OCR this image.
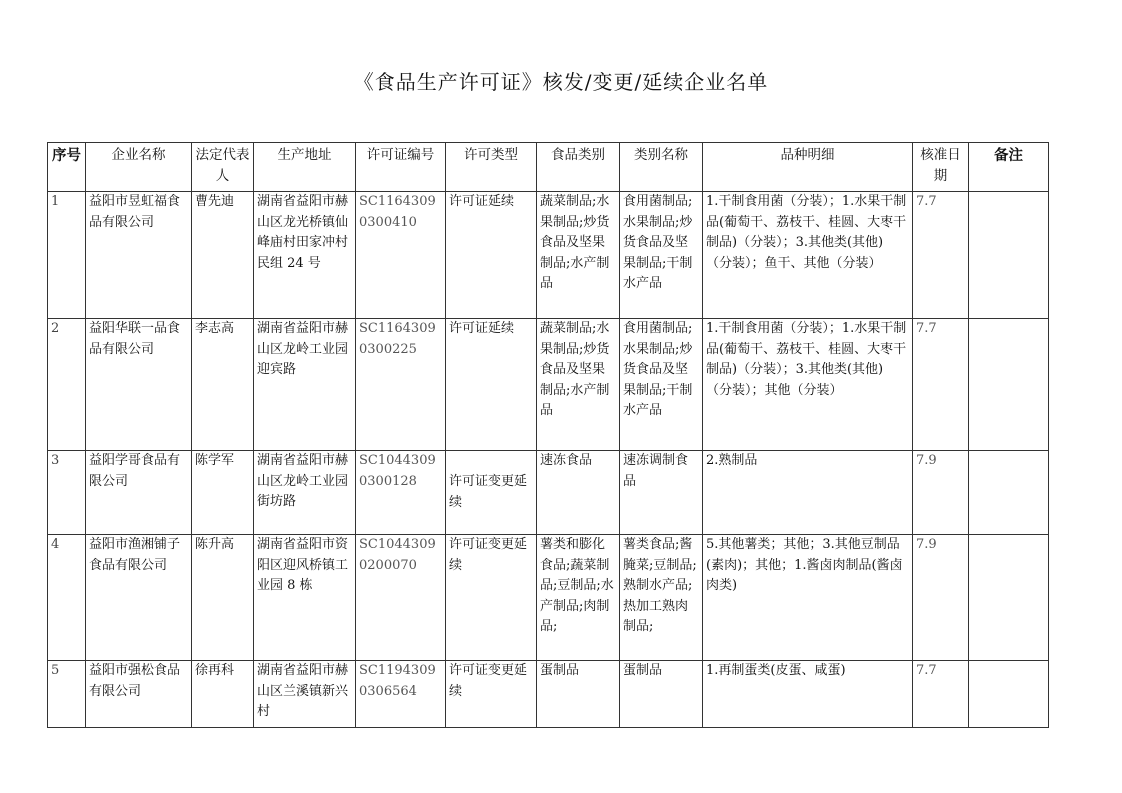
《食品生产许可证》核发/变更/延续企业名单
序号	企业名称	法定代表人	生产地址	许可证编号	许可类型	食品类别	类别名称	品种明细	核准日期	备注
1	益阳市昱虹福食品有限公司	曹先迪	湖南省益阳市赫山区龙光桥镇仙峰庙村田家冲村民组 24 号	SC11643090300410	许可证延续	蔬菜制品;水果制品;炒货食品及坚果制品;水产制品	食用菌制品;水果制品;炒货食品及坚果制品;干制水产品	1.干制食用菌（分装）；1.水果干制品(葡萄干、荔枝干、桂圆、大枣干制品)（分装）；3.其他类(其他)（分装）；鱼干、其他（分装）	7.7	
2	益阳华联一品食品有限公司	李志高	湖南省益阳市赫山区龙岭工业园迎宾路	SC11643090300225	许可证延续	蔬菜制品;水果制品;炒货食品及坚果制品;水产制品	食用菌制品;水果制品;炒货食品及坚果制品;干制水产品	1.干制食用菌（分装）；1.水果干制品(葡萄干、荔枝干、桂圆、大枣干制品)（分装）；3.其他类(其他)（分装）；其他（分装）	7.7	
3	益阳学哥食品有限公司	陈学军	湖南省益阳市赫山区龙岭工业园街坊路	SC10443090300128	许可证变更延续	速冻食品	速冻调制食品	2.熟制品	7.9	
4	益阳市渔湘铺子食品有限公司	陈升高	湖南省益阳市资阳区迎风桥镇工业园 8 栋	SC10443090200070	许可证变更延续	薯类和膨化食品;蔬菜制品;豆制品;水产制品;肉制品;	薯类食品;酱腌菜;豆制品;熟制水产品;热加工熟肉制品;	5.其他薯类；其他；3.其他豆制品(素肉)；其他；1.酱卤肉制品(酱卤肉类)	7.9	
5	益阳市强松食品有限公司	徐再科	湖南省益阳市赫山区兰溪镇新兴村	SC11943090306564	许可证变更延续	蛋制品	蛋制品	1.再制蛋类(皮蛋、咸蛋)	7.7	
